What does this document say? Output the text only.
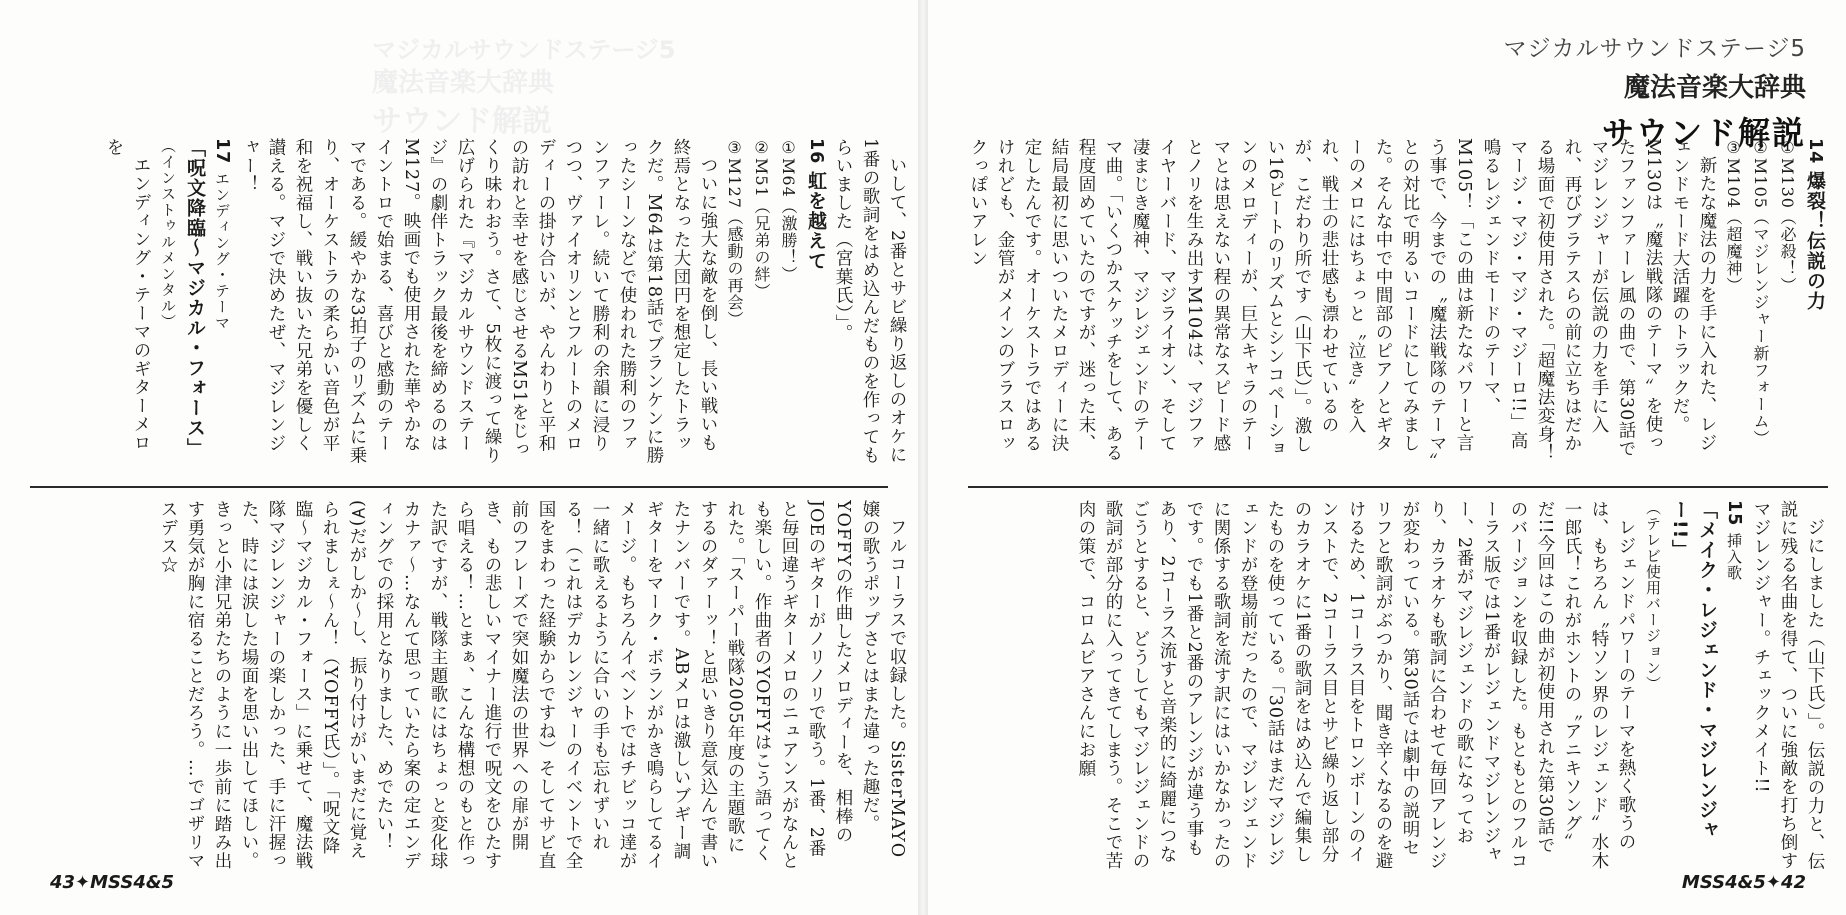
マジカルサウンドステージ5
魔法音楽大辞典
サウンド解説

いして、2番とサビ繰り返しのオケに1番の歌詞をはめ込んだものを作ってもらいました（宮葉氏）」。

16 虹を越えて
①M64（激勝！）
②M51（兄弟の絆）
③M127（感動の再会）

ついに強大な敵を倒し、長い戦いも終焉となった大団円を想定したトラックだ。M64は第18話でブランケンに勝ったシーンなどで使われた勝利のファンファーレ。続いて勝利の余韻に浸りつつ、ヴァイオリンとフルートのメロディーの掛け合いが、やんわりと平和の訪れと幸せを感じさせるM51をじっくり味わおう。さて、5枚に渡って繰り広げられた『マジカルサウンドステージ』の劇伴トラック最後を締めるのはM127。映画でも使用された華やかなイントロで始まる、喜びと感動のテーマである。緩やかな3拍子のリズムに乗り、オーケストラの柔らかい音色が平和を祝福し、戦い抜いた兄弟を優しく讃える。マジで決めたぜ、マジレンジャー！

17 エンディング・テーマ
「呪文降臨〜マジカル・フォース」
（インストゥルメンタル）

エンディング・テーマのギターメロを

フルコーラスで収録した。SisterMAYO嬢の歌うポップさとはまた違った趣だ。YOFFYの作曲したメロディーを、相棒のJOEのギターがノリノリで歌う。1番、2番と毎回違うギターメロのニュアンスがなんとも楽しい。作曲者のYOFFYはこう語ってくれた。「スーパー戦隊2005年度の主題歌にするのダァーッ！と思いきり意気込んで書いたナンバーです。ABメロは激しいブギー調ギターをマーク・ボランがかき鳴らしてるイメージ。もちろんイベントではチビッコ達が一緒に歌えるように合いの手も忘れずいれる！（これはデカレンジャーのイベントで全国をまわった経験からですね）そしてサビ直前のフレーズで突如魔法の世界への扉が開き、もの悲しいマイナー進行で呪文をひたすら唱える！…とまぁ、こんな構想のもと作った訳ですが、戦隊主題歌にはちょっと変化球カナァ〜…なんて思っていたら案の定エンディングでの採用となりました、めでたい！(∀)だがしか〜し、振り付けがいまだに覚えられましぇ〜ん！（YOFFY氏）」。「呪文降臨〜マジカル・フォース」に乗せて、魔法戦隊マジレンジャーの楽しかった、手に汗握った、時には涙した場面を思い出してほしい。きっと小津兄弟たちのように一歩前に踏み出す勇気が胸に宿ることだろう。…でゴザリマスデス☆

43✦MSS4&5
マジカルサウンドステージ5
魔法音楽大辞典
サウンド解説 14 爆裂！伝説の力
①M130（必殺！）
②M105（マジレンジャー新フォーム）
③M104（超魔神）

新たな魔法の力を手に入れた、レジェンドモード大活躍のトラックだ。M130は〝魔法戦隊のテーマ〟を使ったファンファーレ風の曲で、第30話でマジレンジャーが伝説の力を手に入れ、再びブラテスらの前に立ちはだかる場面で初使用された。「超魔法変身！マージ・マジ・マジ・マジーロ!!」高鳴るレジェンドモードのテーマ、M105！「この曲は新たなパワーと言う事で、今までの〝魔法戦隊のテーマ〟との対比で明るいコードにしてみました。そんな中で中間部のピアノとギターのメロにはちょっと〝泣き〟を入れ、戦士の悲壮感も漂わせているのが、こだわり所です（山下氏）」。激しい16ビートのリズムとシンコペーションのメロディーが、巨大キャラのテーマとは思えない程の異常なスピード感とノリを生み出すM104は、マジファイヤーバード、マジライオン、そして凄まじき魔神、マジレジェンドのテーマ曲。「いくつかスケッチをして、ある程度固めていたのですが、迷った末、結局最初に思いついたメロディーに決定したんです。オーケストラではあるけれども、金管がメインのブラスロックっぽいアレン

ジにしました（山下氏）」。伝説の力と、伝説に残る名曲を得て、ついに強敵を打ち倒すマジレンジャー。チェックメイト!!

15 挿入歌
「メイク・レジェンド・マジレンジャー!!」
（テレビ使用バージョン）

レジェンドパワーのテーマを熱く歌うのは、もちろん〝特ソン界のレジェンド〟水木一郎氏！これがホントの〝アニキソング〟だ!!今回はこの曲が初使用された第30話でのバージョンを収録した。もともとのフルコーラス版では1番がレジェンドマジレンジャー、2番がマジレジェンドの歌になっており、カラオケも歌詞に合わせて毎回アレンジが変わっている。第30話では劇中の説明セリフと歌詞がぶつかり、聞き辛くなるのを避けるため、1コーラス目をトロンボーンのインストで、2コーラス目とサビ繰り返し部分のカラオケに1番の歌詞をはめ込んで編集したものを使っている。「30話はまだマジレジェンドが登場前だったので、マジレジェンドに関係する歌詞を流す訳にはいかなかったのです。でも1番と2番のアレンジが違う事もあり、2コーラス流すと音楽的に綺麗につなごうとすると、どうしてもマジレジェンドの歌詞が部分的に入ってきてしまう。そこで苦肉の策で、コロムビアさんにお願

MSS4&5✦42
